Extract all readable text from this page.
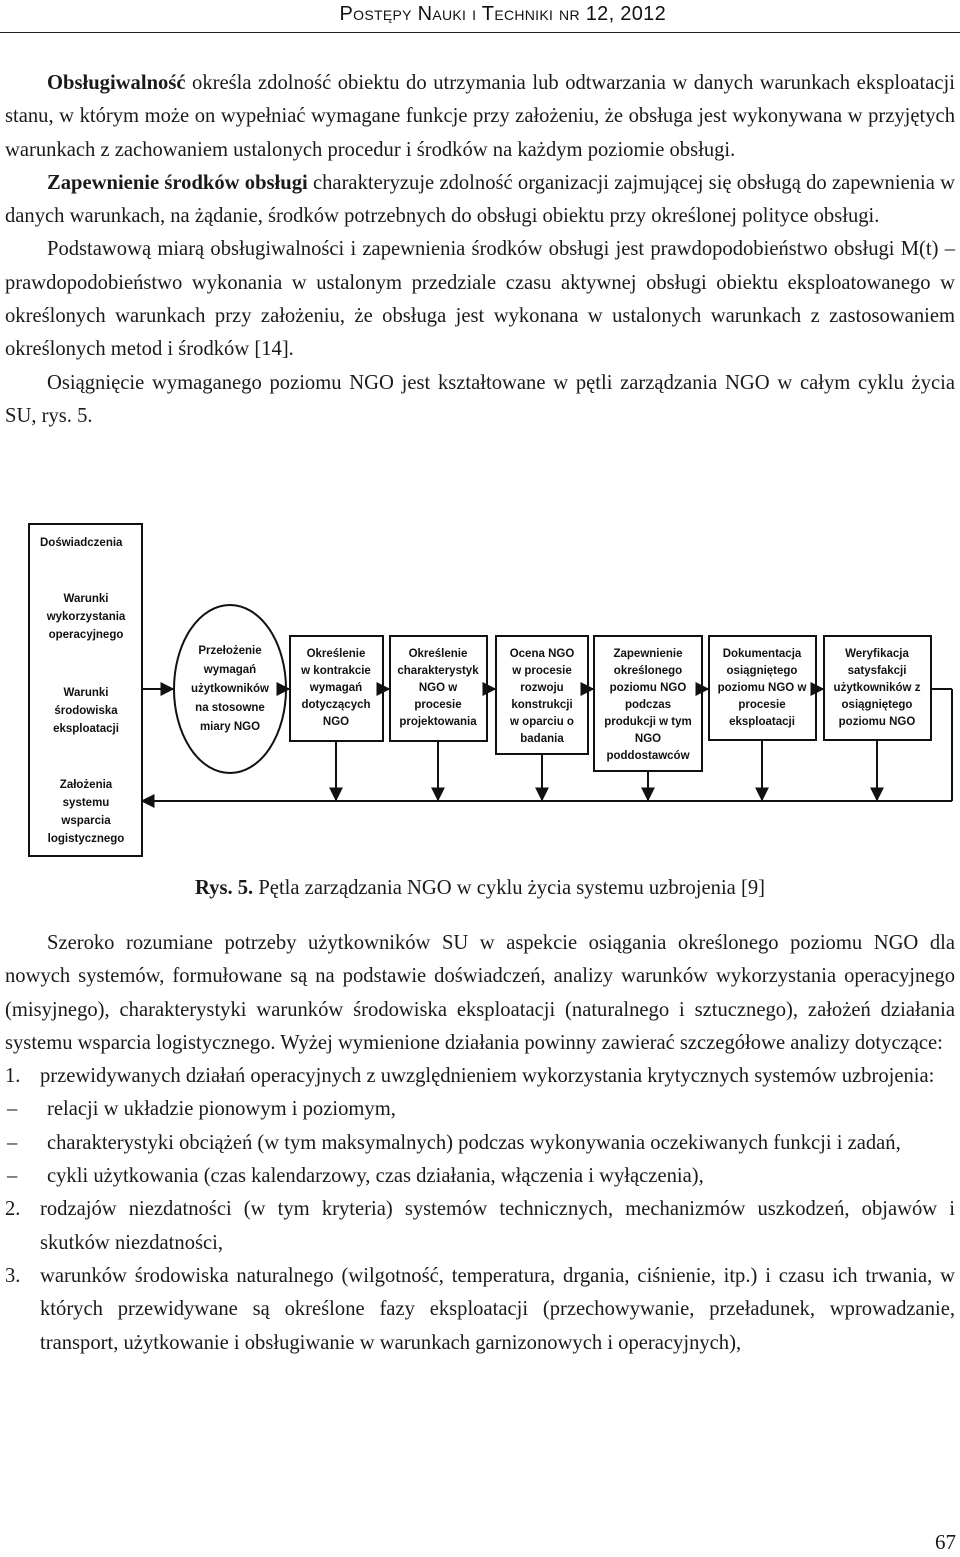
Postępy Nauki i Techniki nr 12, 2012

Obsługiwalność określa zdolność obiektu do utrzymania lub odtwarzania w danych warunkach eksploatacji stanu, w którym może on wypełniać wymagane funkcje przy założeniu, że obsługa jest wykonywana w przyjętych warunkach z zachowaniem ustalonych procedur i środków na każdym poziomie obsługi.

Zapewnienie środków obsługi charakteryzuje zdolność organizacji zajmującej się obsługą do zapewnienia w danych warunkach, na żądanie, środków potrzebnych do obsługi obiektu przy określonej polityce obsługi.

Podstawową miarą obsługiwalności i zapewnienia środków obsługi jest prawdopodobieństwo obsługi M(t) – prawdopodobieństwo wykonania w ustalonym przedziale czasu aktywnej obsługi obiektu eksploatowanego w określonych warunkach przy założeniu, że obsługa jest wykonana w ustalonych warunkach z zastosowaniem określonych metod i środków [14].

Osiągnięcie wymaganego poziomu NGO jest kształtowane w pętli zarządzania NGO w całym cyklu życia SU, rys. 5.

Doświadczenia
Warunki
wykorzystania
operacyjnego
Warunki
środowiska
eksploatacji
Założenia
systemu
wsparcia
logistycznego
Przełożenie
wymagań
użytkowników
na stosowne
miary NGO
Określenie
w kontrakcie
wymagań
dotyczących
NGO
Określenie
charakterystyk
NGO w
procesie
projektowania
Ocena NGO
w procesie
rozwoju
konstrukcji
w oparciu o
badania
Zapewnienie
określonego
poziomu NGO
podczas
produkcji w tym
NGO
poddostawców
Dokumentacja
osiągniętego
poziomu NGO w
procesie
eksploatacji
Weryfikacja
satysfakcji
użytkowników z
osiągniętego
poziomu NGO
Rys. 5. Pętla zarządzania NGO w cyklu życia systemu uzbrojenia [9]

Szeroko rozumiane potrzeby użytkowników SU w aspekcie osiągania określonego poziomu NGO dla nowych systemów, formułowane są na podstawie doświadczeń, analizy warunków wykorzystania operacyjnego (misyjnego), charakterystyki warunków środowiska eksploatacji (naturalnego i sztucznego), założeń działania systemu wsparcia logistycznego. Wyżej wymienione działania powinny zawierać szczegółowe analizy dotyczące:

1. przewidywanych działań operacyjnych z uwzględnieniem wykorzystania krytycznych systemów uzbrojenia:
– relacji w układzie pionowym i poziomym,
– charakterystyki obciążeń (w tym maksymalnych) podczas wykonywania oczekiwanych funkcji i zadań,
– cykli użytkowania (czas kalendarzowy, czas działania, włączenia i wyłączenia),
2. rodzajów niezdatności (w tym kryteria) systemów technicznych, mechanizmów uszkodzeń, objawów i skutków niezdatności,
3. warunków środowiska naturalnego (wilgotność, temperatura, drgania, ciśnienie, itp.) i czasu ich trwania, w których przewidywane są określone fazy eksploatacji (przechowywanie, przeładunek, wprowadzanie, transport, użytkowanie i obsługiwanie w warunkach garnizonowych i operacyjnych),
67
